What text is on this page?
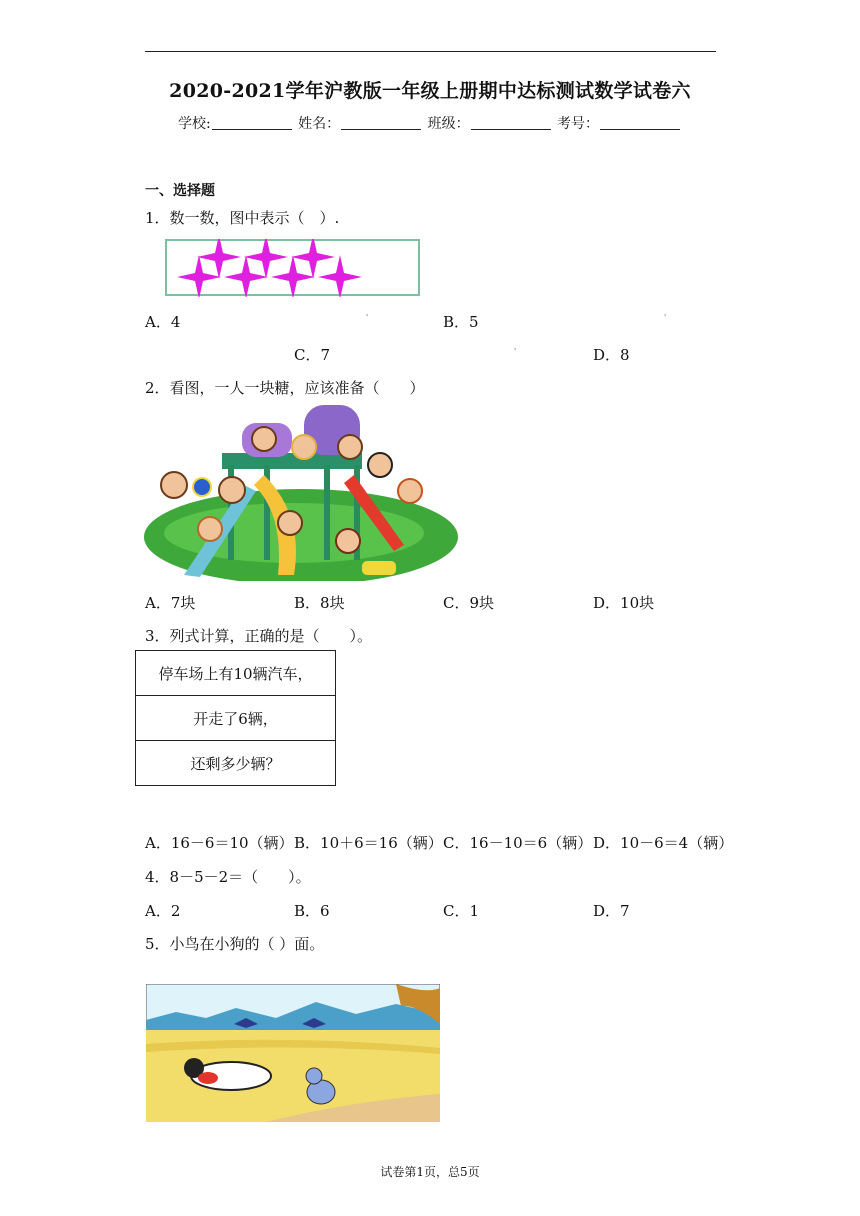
2020-2021学年沪教版一年级上册期中达标测试数学试卷六
学校:	姓名：	班级：	考号：
一、选择题
1．数一数，图中表示（　）.
A．4	'	B．5	'
C．7	'	D．8
2．看图，一人一块糖，应该准备（　　）
A．7块	B．8块	C．9块	D．10块
3．列式计算，正确的是（　　）。
停车场上有10辆汽车，
开走了6辆，
还剩多少辆？
A．16－6＝10（辆） B．10＋6＝16（辆） C．16－10＝6（辆） D．10－6＝4（辆）
4．8－5－2＝（　　）。
A．2	B．6	C．1	D．7
5．小鸟在小狗的（ ）面。
试卷第1页，总5页
